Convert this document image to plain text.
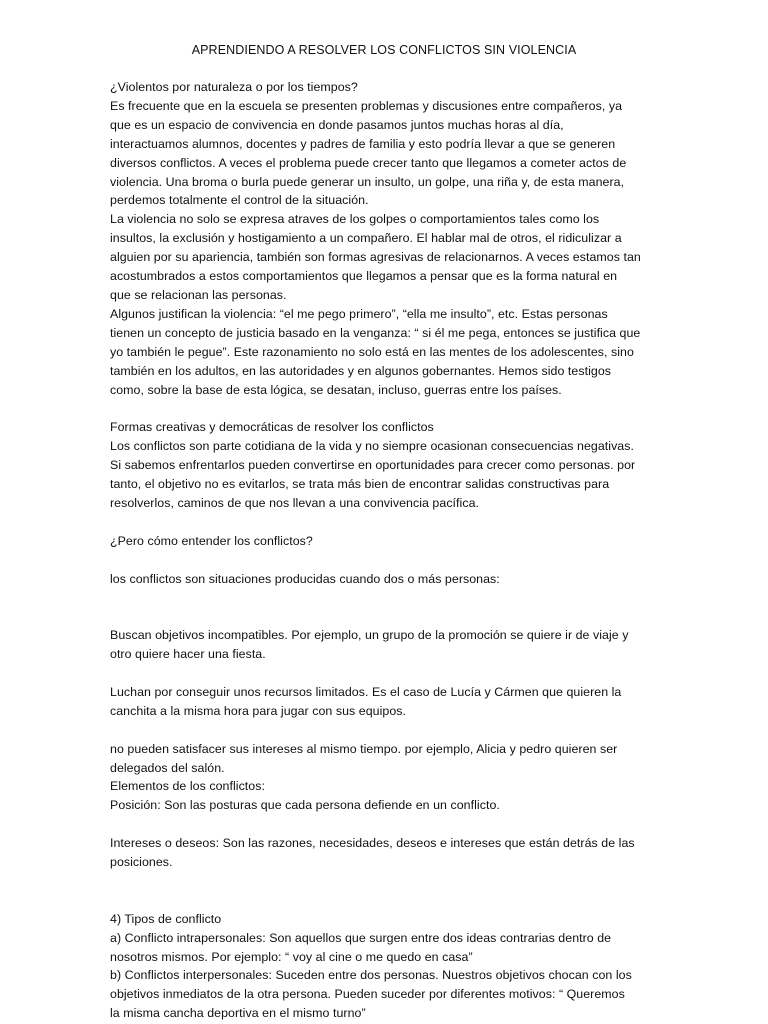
APRENDIENDO A RESOLVER LOS CONFLICTOS SIN VIOLENCIA
¿Violentos por naturaleza o por los tiempos?
Es frecuente que en la escuela se presenten problemas y discusiones entre compañeros, ya
que es un espacio de convivencia en donde pasamos juntos muchas horas al día,
interactuamos alumnos, docentes y padres de familia y esto podría llevar a que se generen
diversos conflictos. A veces el problema puede crecer tanto que llegamos a cometer actos de
violencia. Una broma o burla puede generar un insulto, un golpe, una riña y, de esta manera,
perdemos totalmente el control de la situación.
La violencia no solo se expresa atraves de los golpes o comportamientos tales como los
insultos, la exclusión y hostigamiento a un compañero. El hablar mal de otros, el ridiculizar a
alguien por su apariencia, también son formas agresivas de relacionarnos. A veces estamos tan
acostumbrados a estos comportamientos que llegamos a pensar que es la forma natural en
que se relacionan las personas.
Algunos justifican la violencia: “el me pego primero”, “ella me insulto”, etc. Estas personas
tienen un concepto de justicia basado en la venganza: “ si él me pega, entonces se justifica que
yo también le pegue”. Este razonamiento no solo está en las mentes de los adolescentes, sino
también en los adultos, en las autoridades y en algunos gobernantes. Hemos sido testigos
como, sobre la base de esta lógica, se desatan, incluso, guerras entre los países.
Formas creativas y democráticas de resolver los conflictos
Los conflictos son parte cotidiana de la vida y no siempre ocasionan consecuencias negativas.
Si sabemos enfrentarlos pueden convertirse en oportunidades para crecer como personas. por
tanto, el objetivo no es evitarlos, se trata más bien de encontrar salidas constructivas para
resolverlos, caminos de que nos llevan a una convivencia pacífica.
¿Pero cómo entender los conflictos?
los conflictos son situaciones producidas cuando dos o más personas:
Buscan objetivos incompatibles. Por ejemplo, un grupo de la promoción se quiere ir de viaje y
otro quiere hacer una fiesta.
Luchan por conseguir unos recursos limitados. Es el caso de Lucía y Cármen que quieren la
canchita a la misma hora para jugar con sus equipos.
no pueden satisfacer sus intereses al mismo tiempo. por ejemplo, Alicia y pedro quieren ser
delegados del salón.
Elementos de los conflictos:
Posición: Son las posturas que cada persona defiende en un conflicto.
Intereses o deseos: Son las razones, necesidades, deseos e intereses que están detrás de las
posiciones.
4) Tipos de conflicto
a) Conflicto intrapersonales: Son aquellos que surgen entre dos ideas contrarias dentro de
nosotros mismos. Por ejemplo: “ voy al cine o me quedo en casa”
b) Conflictos interpersonales: Suceden entre dos personas. Nuestros objetivos chocan con los
objetivos inmediatos de la otra persona. Pueden suceder por diferentes motivos: “ Queremos
la misma cancha deportiva en el mismo turno”
